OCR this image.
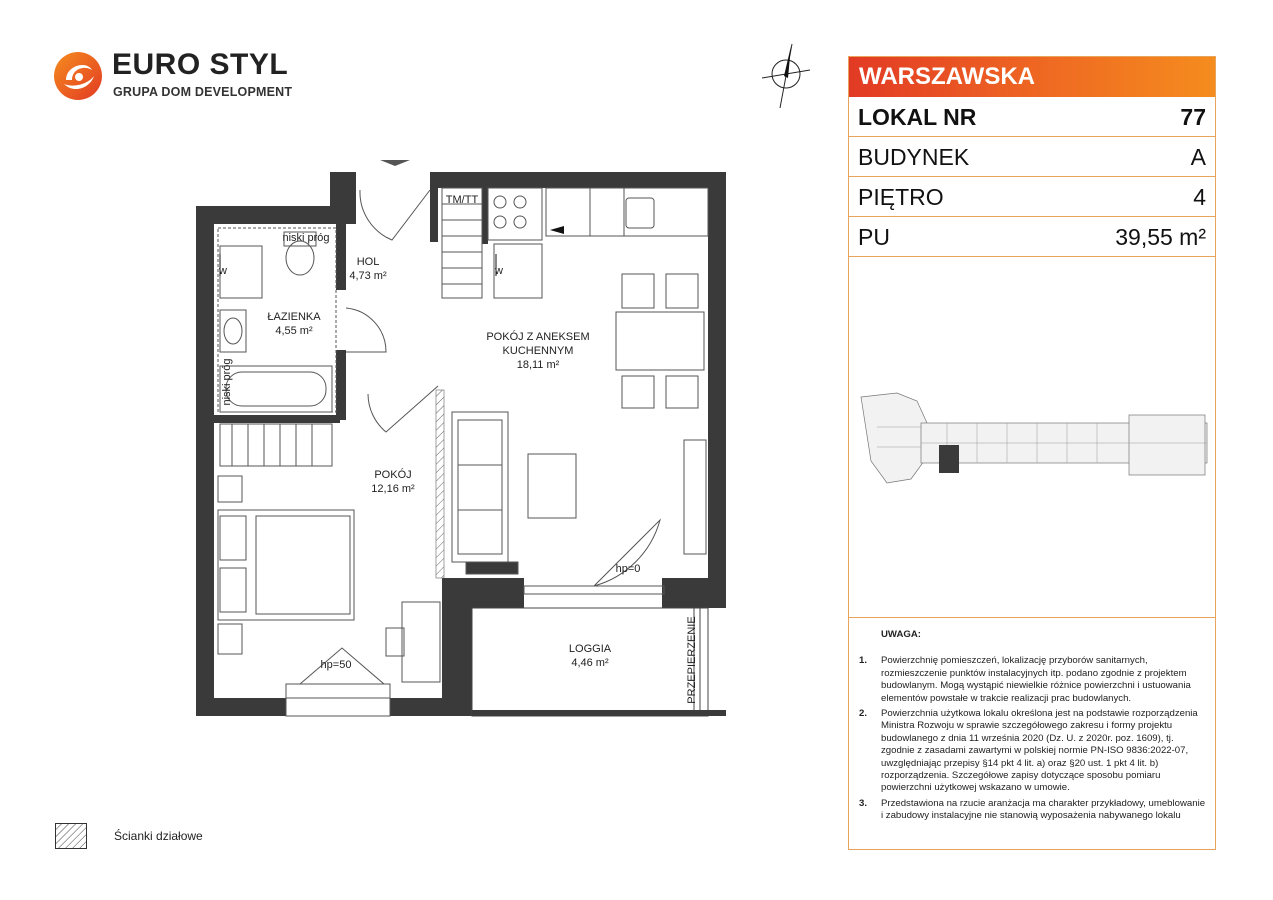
EURO STYL
GRUPA DOM DEVELOPMENT
HOL
4,73 m²
ŁAZIENKA
4,55 m²	POKÓJ Z ANEKSEM
KUCHENNYM
18,11 m²
POKÓJ
12,16 m²
LOGGIA
4,46 m²
TM/TT
niski próg
niski próg
hp=0
hp=50	PRZEPIERZENIE
w	w
WARSZAWSKA
LOKAL NR	77
BUDYNEK	A
PIĘTRO	4
PU	39,55 m²
UWAGA:
1. Powierzchnię pomieszczeń, lokalizację przyborów sanitarnych, rozmieszczenie punktów instalacyjnych itp. podano zgodnie z projektem budowlanym. Mogą wystąpić niewielkie różnice powierzchni i ustuowania elementów powstałe w trakcie realizacji prac budowlanych.
2. Powierzchnia użytkowa lokalu określona jest na podstawie rozporządzenia Ministra Rozwoju w sprawie szczegółowego zakresu i formy projektu budowlanego z dnia 11 września 2020 (Dz. U. z 2020r. poz. 1609), tj. zgodnie z zasadami zawartymi w polskiej normie PN-ISO 9836:2022-07, uwzględniając przepisy §14 pkt 4 lit. a) oraz §20 ust. 1 pkt 4 lit. b) rozporządzenia. Szczegółowe zapisy dotyczące sposobu pomiaru powierzchni użytkowej wskazano w umowie.
3. Przedstawiona na rzucie aranżacja ma charakter przykładowy, umeblowanie i zabudowy instalacyjne nie stanowią wyposażenia nabywanego lokalu
Ścianki działowe
